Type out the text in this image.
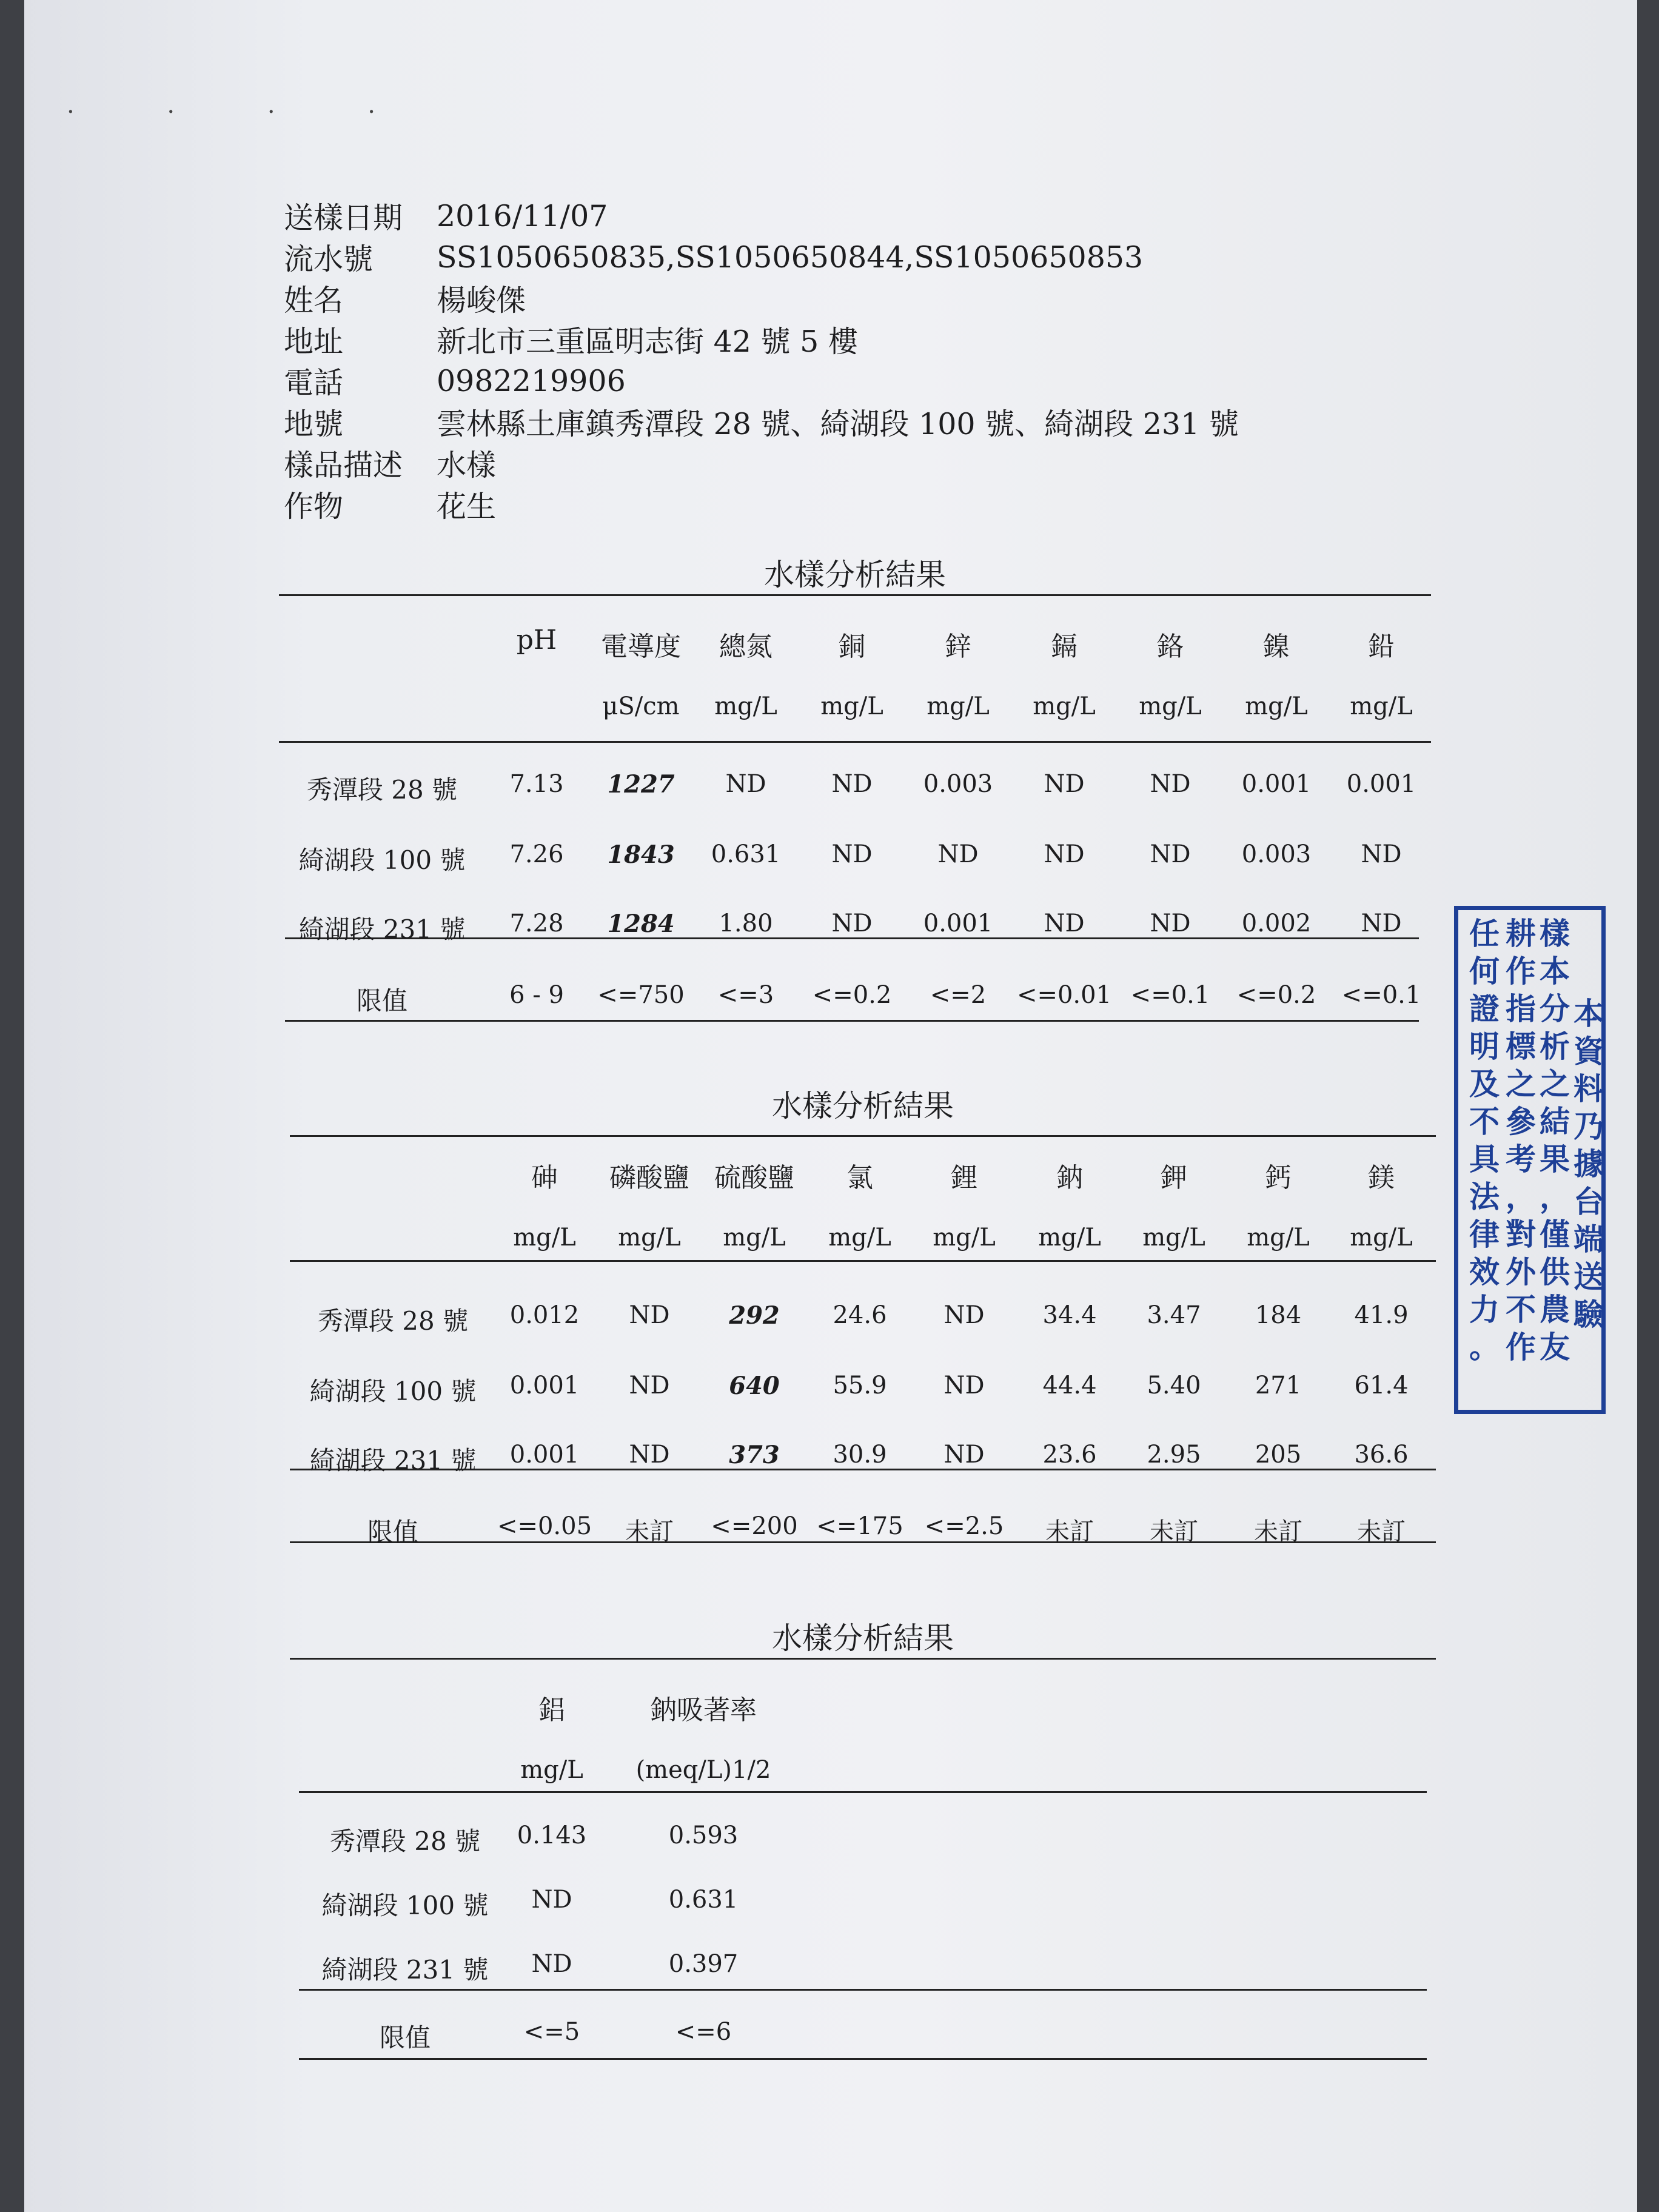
. . . .
送樣日期	2016/11/07
流水號	SS1050650835,SS1050650844,SS1050650853
姓名	楊峻傑
地址	新北市三重區明志街 42 號 5 樓
電話	0982219906
地號	雲林縣土庫鎮秀潭段 28 號、綺湖段 100 號、綺湖段 231 號
樣品描述	水樣
作物	花生
水樣分析結果
pH 電導度 總氮 銅	鋅	鎘	鉻	鎳	鉛
μS/cm mg/L mg/L mg/L mg/L mg/L mg/L mg/L
秀潭段 28 號 7.13 1227 ND	ND 0.003 ND	ND 0.001 0.001
綺湖段 100 號 7.26 1843 0.631 ND	ND	ND	ND 0.003 ND
綺湖段 231 號 7.28 1284 1.80 ND 0.001 ND	ND 0.002 ND
限值	6 - 9 <=750 <=3 <=0.2 <=2 <=0.01 <=0.1 <=0.2 <=0.1
水樣分析結果
砷 磷酸鹽 硫酸鹽 氯	鋰	鈉	鉀	鈣	鎂
mg/L mg/L mg/L mg/L mg/L mg/L mg/L mg/L mg/L
秀潭段 28 號 0.012 ND 292 24.6 ND 34.4 3.47 184 41.9
綺湖段 100 號 0.001 ND 640 55.9 ND 44.4 5.40 271 61.4
綺湖段 231 號 0.001 ND 373 30.9 ND 23.6 2.95 205 36.6
限值	<=0.05 未訂 <=200 <=175 <=2.5 未訂 未訂 未訂 未訂
水樣分析結果
鋁	鈉吸著率
mg/L (meq/L)1/2
秀潭段 28 號 0.143	0.593
綺湖段 100 號 ND	0.631
綺湖段 231 號 ND	0.397
限值	<=5	<=6
本
資
料
乃
據
台
端
送
驗
樣
本
分
析
之
結
果
，
僅
供
農
友
耕
作
指
標
之
參
考
，
對
外
不
作
任
何
證
明
及
不
具
法
律
效
力
。
